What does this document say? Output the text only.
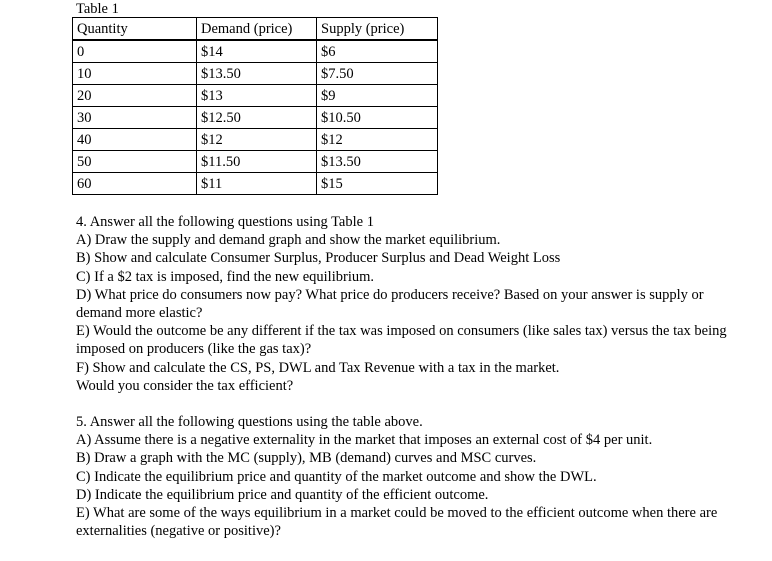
Table 1
Quantity	Demand (price)	Supply (price)
0	$14	$6
10	$13.50	$7.50
20	$13	$9
30	$12.50	$10.50
40	$12	$12
50	$11.50	$13.50
60	$11	$15

4. Answer all the following questions using Table 1

A) Draw the supply and demand graph and show the market equilibrium.

B) Show and calculate Consumer Surplus, Producer Surplus and Dead Weight Loss

C) If a $2 tax is imposed, find the new equilibrium.

D) What price do consumers now pay? What price do producers receive? Based on your answer is supply or demand more elastic?

E) Would the outcome be any different if the tax was imposed on consumers (like sales tax) versus the tax being imposed on producers (like the gas tax)?

F) Show and calculate the CS, PS, DWL and Tax Revenue with a tax in the market.

Would you consider the tax efficient?

5. Answer all the following questions using the table above.

A) Assume there is a negative externality in the market that imposes an external cost of $4 per unit.

B) Draw a graph with the MC (supply), MB (demand) curves and MSC curves.

C) Indicate the equilibrium price and quantity of the market outcome and show the DWL.

D) Indicate the equilibrium price and quantity of the efficient outcome.

E) What are some of the ways equilibrium in a market could be moved to the efficient outcome when there are externalities (negative or positive)?
